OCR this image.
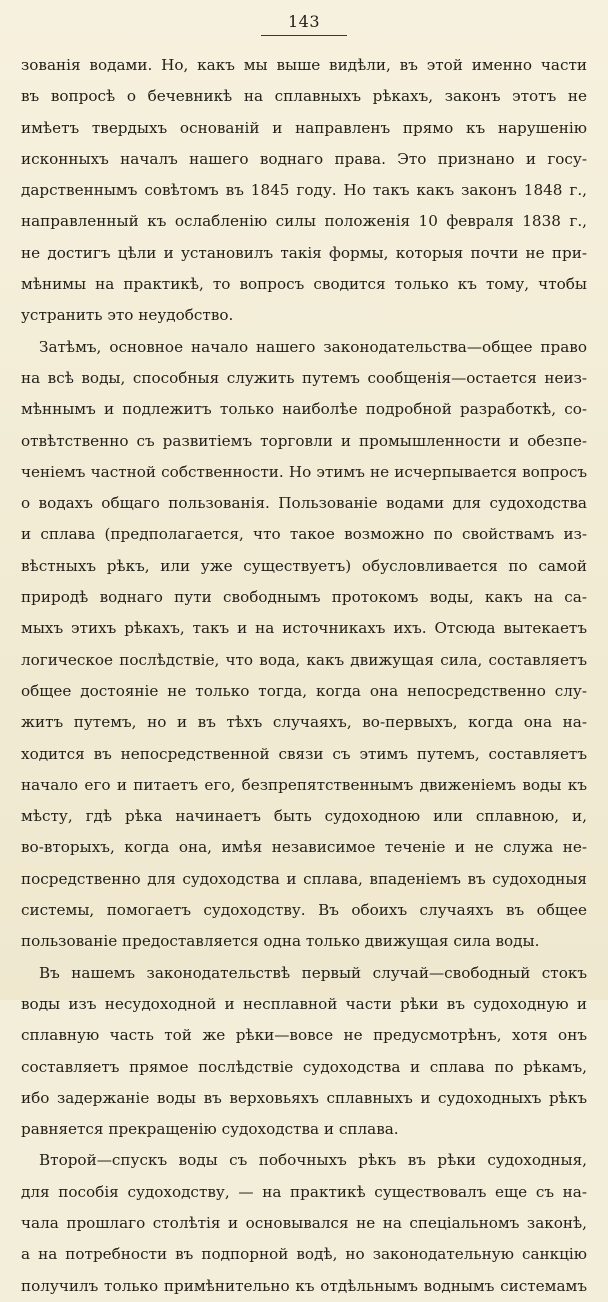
143
зованія водами. Но, какъ мы выше видѣли, въ этой именно части
въ вопросѣ о бечевникѣ на сплавныхъ рѣкахъ, законъ этотъ не
имѣетъ твердыхъ основаній и направленъ прямо къ нарушенію
исконныхъ началъ нашего воднаго права. Это признано и госу-
дарственнымъ совѣтомъ въ 1845 году. Но такъ какъ законъ 1848 г.,
направленный къ ослабленію силы положенія 10 февраля 1838 г.,
не достигъ цѣли и установилъ такія формы, которыя почти не при-
мѣнимы на практикѣ, то вопросъ сводится только къ тому, чтобы
устранить это неудобство.
Затѣмъ, основное начало нашего законодательства—общее право
на всѣ воды, способныя служить путемъ сообщенія—остается неиз-
мѣннымъ и подлежитъ только наиболѣе подробной разработкѣ, со-
отвѣтственно съ развитіемъ торговли и промышленности и обезпе-
ченіемъ частной собственности. Но этимъ не исчерпывается вопросъ
о водахъ общаго пользованія. Пользованіе водами для судоходства
и сплава (предполагается, что такое возможно по свойствамъ из-
вѣстныхъ рѣкъ, или уже существуетъ) обусловливается по самой
природѣ воднаго пути свободнымъ протокомъ воды, какъ на са-
мыхъ этихъ рѣкахъ, такъ и на источникахъ ихъ. Отсюда вытекаетъ
логическое послѣдствіе, что вода, какъ движущая сила, составляетъ
общее достояніе не только тогда, когда она непосредственно слу-
житъ путемъ, но и въ тѣхъ случаяхъ, во-первыхъ, когда она на-
ходится въ непосредственной связи съ этимъ путемъ, составляетъ
начало его и питаетъ его, безпрепятственнымъ движеніемъ воды къ
мѣсту, гдѣ рѣка начинаетъ быть судоходною или сплавною, и,
во-вторыхъ, когда она, имѣя независимое теченіе и не служа не-
посредственно для судоходства и сплава, впаденіемъ въ судоходныя
системы, помогаетъ судоходству. Въ обоихъ случаяхъ въ общее
пользованіе предоставляется одна только движущая сила воды.
Въ нашемъ законодательствѣ первый случай—свободный стокъ
воды изъ несудоходной и несплавной части рѣки въ судоходную и
сплавную часть той же рѣки—вовсе не предусмотрѣнъ, хотя онъ
составляетъ прямое послѣдствіе судоходства и сплава по рѣкамъ,
ибо задержаніе воды въ верховьяхъ сплавныхъ и судоходныхъ рѣкъ
равняется прекращенію судоходства и сплава.
Второй—спускъ воды съ побочныхъ рѣкъ въ рѣки судоходныя,
для пособія судоходству, — на практикѣ существовалъ еще съ на-
чала прошлаго столѣтія и основывался не на спеціальномъ законѣ,
а на потребности въ подпорной водѣ, но законодательную санкцію
получилъ только примѣнительно къ отдѣльнымъ воднымъ системамъ
